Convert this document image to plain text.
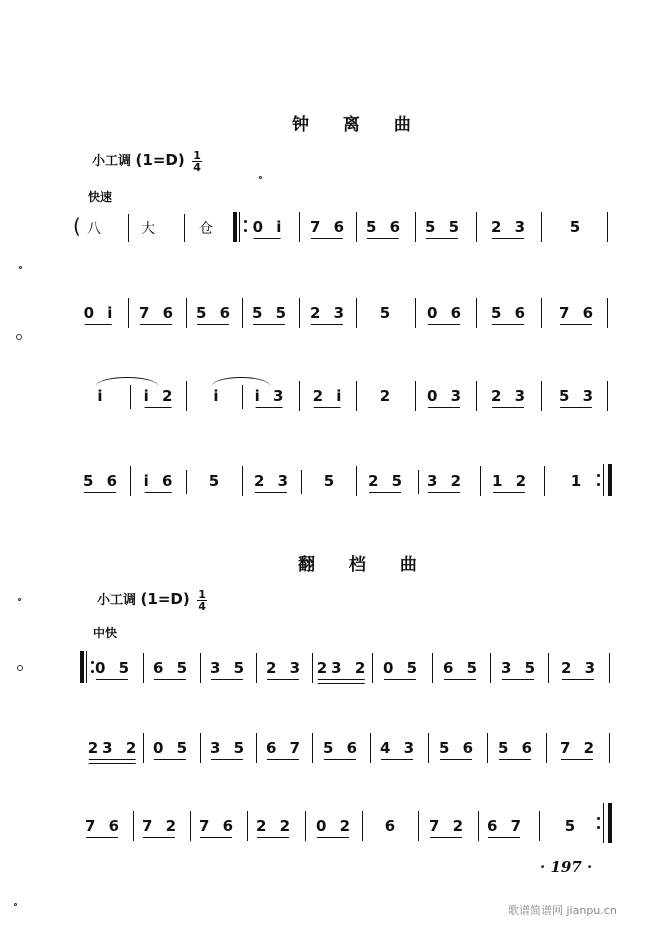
钟 离 曲
小工调 $(1=D) \frac{1}{4}$
快速
( 八	大	仓	0 i 7 6 5 6 5 5 2 3	5
0 i 7 6 5 6 5 5 2 3 5 0 6 5 6 7 6
i i 2 i i 3 2 i 2 0 3 2 3 5 3
5 6 i 6 5 2 3 5 2 5 3 2 1 2	1
翻 档 曲
小工调 $(1=D) \frac{1}{4}$
中快
0 5 6 5 3 5 2 3 23 2 0 5 6 5 3 5 2 3
23 2 0 5 3 5 6 7 5 6 4 3 5 6 5 6 7 2
7 6 7 2 7 6 2 2 0 2 6 7 2 6 7	5
· 197 ·
歌谱简谱网 jianpu.cn
